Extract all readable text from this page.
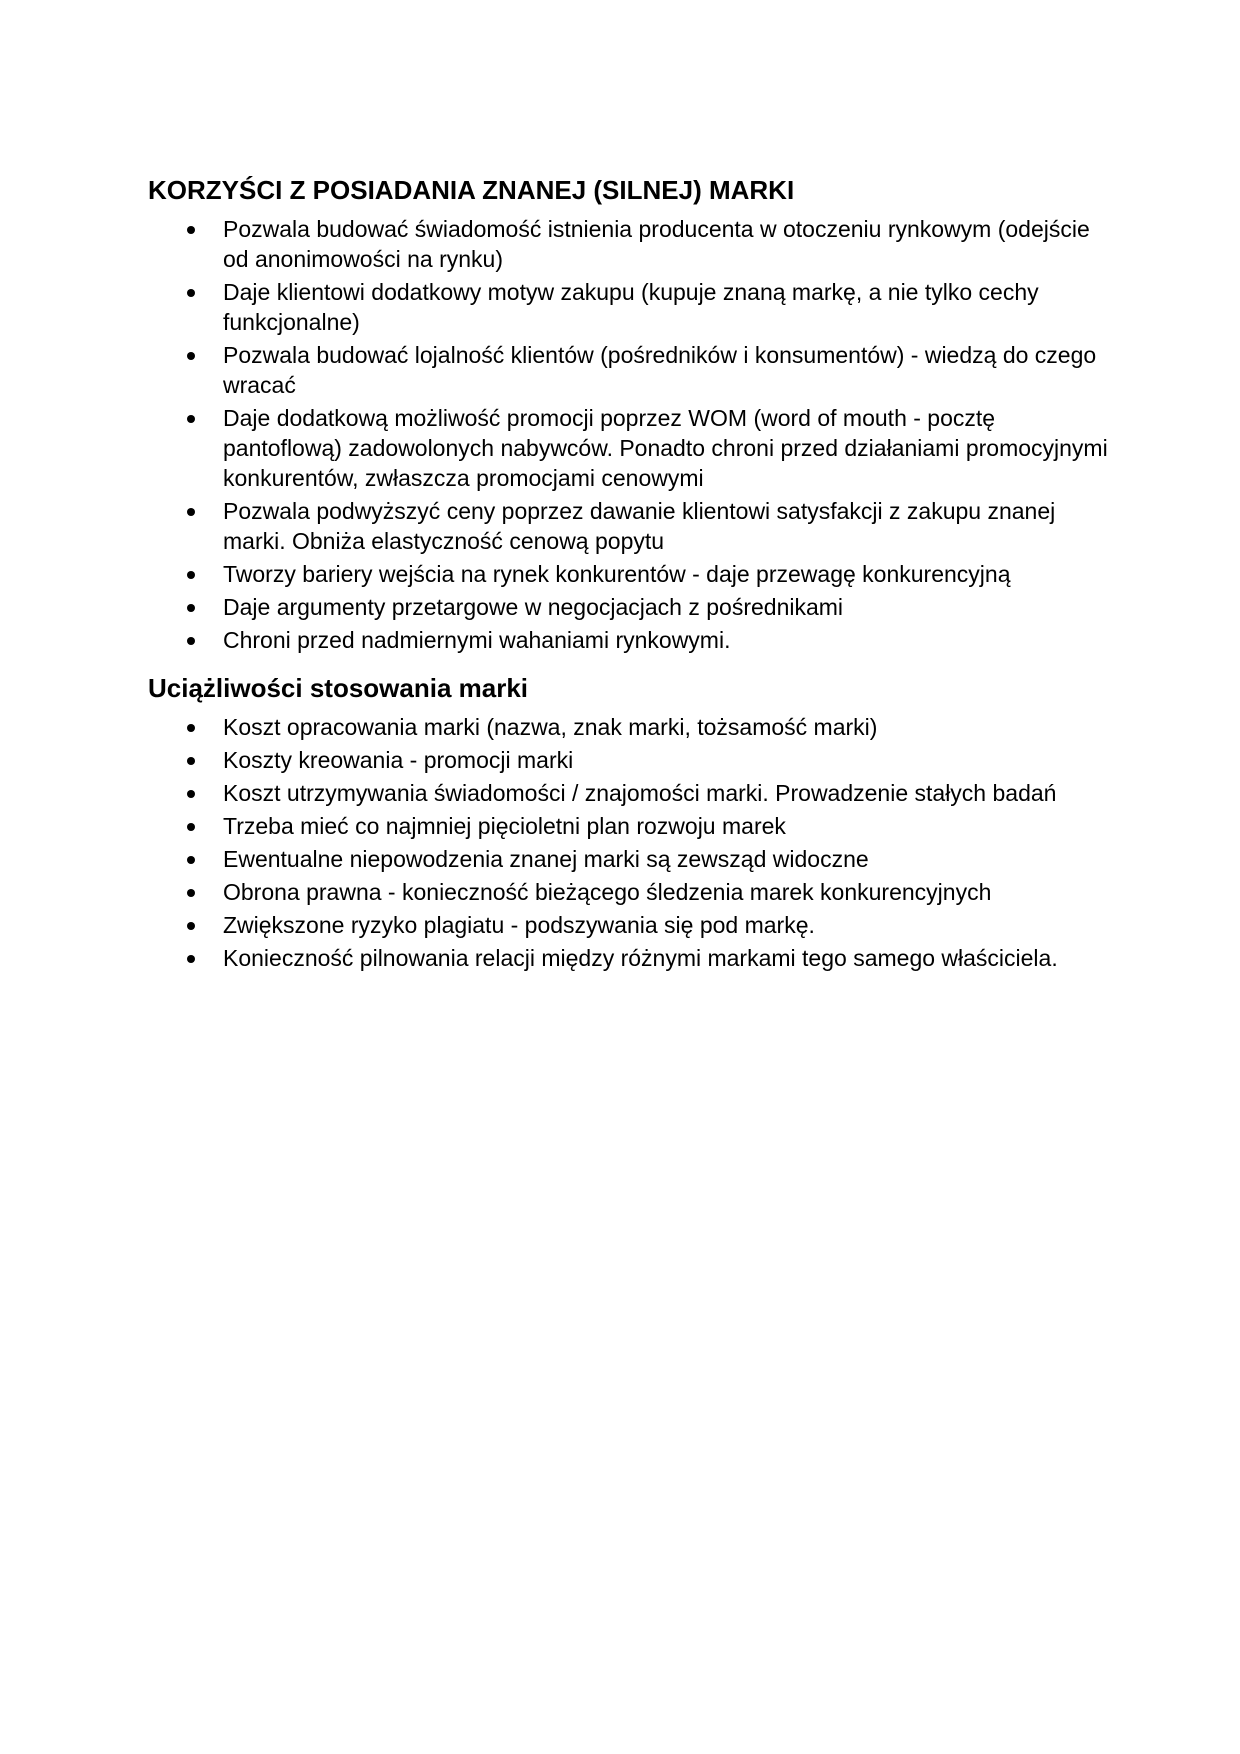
KORZYŚCI Z POSIADANIA ZNANEJ (SILNEJ) MARKI
Pozwala budować świadomość istnienia producenta w otoczeniu rynkowym (odejście od anonimowości na rynku)
Daje klientowi dodatkowy motyw zakupu (kupuje znaną markę, a nie tylko cechy funkcjonalne)
Pozwala budować lojalność klientów (pośredników i konsumentów) - wiedzą do czego wracać
Daje dodatkową możliwość promocji poprzez WOM (word of mouth - pocztę pantoflową) zadowolonych nabywców. Ponadto chroni przed działaniami promocyjnymi konkurentów, zwłaszcza promocjami cenowymi
Pozwala podwyższyć ceny poprzez dawanie klientowi satysfakcji z zakupu znanej marki. Obniża elastyczność cenową popytu
Tworzy bariery wejścia na rynek konkurentów - daje przewagę konkurencyjną
Daje argumenty przetargowe w negocjacjach z pośrednikami
Chroni przed nadmiernymi wahaniami rynkowymi.
Uciążliwości stosowania marki
Koszt opracowania marki (nazwa, znak marki, tożsamość marki)
Koszty kreowania - promocji marki
Koszt utrzymywania świadomości / znajomości marki. Prowadzenie stałych badań
Trzeba mieć co najmniej pięcioletni plan rozwoju marek
Ewentualne niepowodzenia znanej marki są zewsząd widoczne
Obrona prawna - konieczność bieżącego śledzenia marek konkurencyjnych
Zwiększone ryzyko plagiatu - podszywania się pod markę.
Konieczność pilnowania relacji między różnymi markami tego samego właściciela.
